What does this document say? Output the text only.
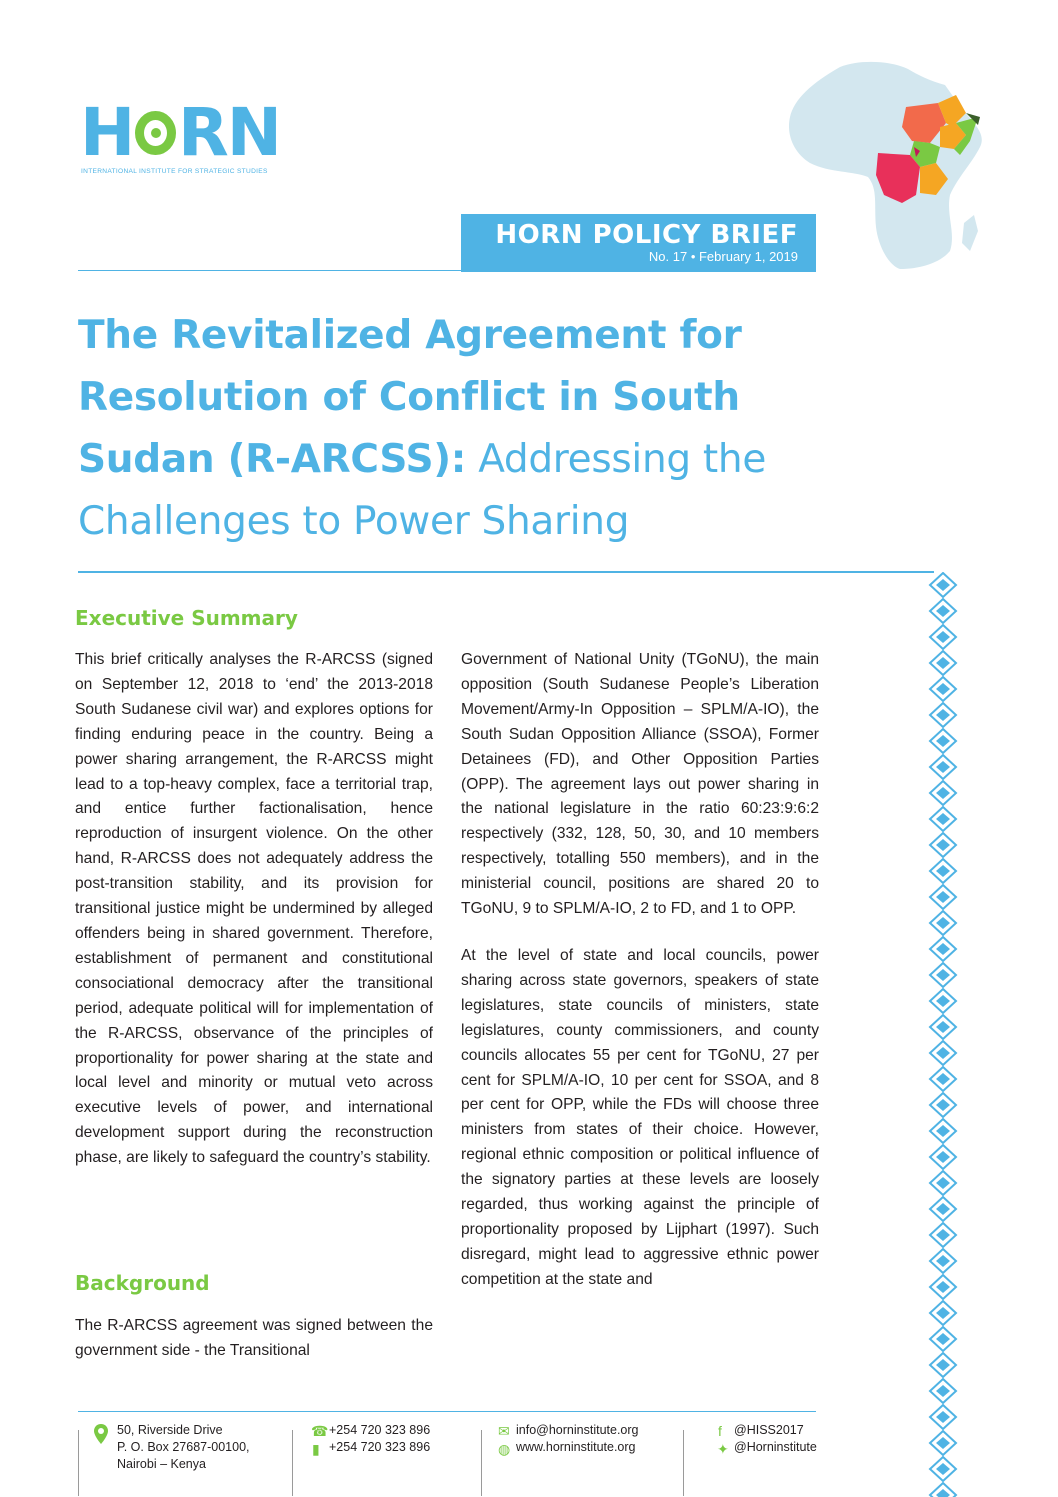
H RN
INTERNATIONAL INSTITUTE FOR STRATEGIC STUDIES
HORN POLICY BRIEF
No. 17 • February 1, 2019
The Revitalized Agreement for
Resolution of Conflict in South
Sudan (R-ARCSS): Addressing the
Challenges to Power Sharing
Executive Summary
Background

This brief critically analyses the R-ARCSS (signed on September 12, 2018 to ‘end’ the 2013-2018 South Sudanese civil war) and explores options for finding enduring peace in the country. Being a power sharing arrangement, the R-ARCSS might lead to a top-heavy complex, face a territorial trap, and entice further factionalisation, hence reproduction of insurgent violence. On the other hand, R-ARCSS does not adequately address the post-transition stability, and its provision for transitional justice might be undermined by alleged offenders being in shared government. Therefore, establishment of permanent and constitutional consociational democracy after the transitional period, adequate political will for implementation of the R-ARCSS, observance of the principles of proportionality for power sharing at the state and local level and minority or mutual veto across executive levels of power, and international development support during the reconstruction phase, are likely to safeguard the country’s stability.

The R-ARCSS agreement was signed between the government side - the Transitional

Government of National Unity (TGoNU), the main opposition (South Sudanese People’s Liberation Movement/Army-In Opposition – SPLM/A-IO), the South Sudan Opposition Alliance (SSOA), Former Detainees (FD), and Other Opposition Parties (OPP). The agreement lays out power sharing in the national legislature in the ratio 60:23:9:6:2 respectively (332, 128, 50, 30, and 10 members respectively, totalling 550 members), and in the ministerial council, positions are shared 20 to TGoNU, 9 to SPLM/A-IO, 2 to FD, and 1 to OPP.

At the level of state and local councils, power sharing across state governors, speakers of state legislatures, state councils of ministers, state legislatures, county commissioners, and county councils allocates 55 per cent for TGoNU, 27 per cent for SPLM/A-IO, 10 per cent for SSOA, and 8 per cent for OPP, while the FDs will choose three ministers from states of their choice. However, regional ethnic composition or political influence of the signatory parties at these levels are loosely regarded, thus working against the principle of proportionality proposed by Lijphart (1997). Such disregard, might lead to aggressive ethnic power competition at the state and

50, Riverside Drive
P. O. Box 27687-00100,
Nairobi – Kenya
☎
▮
+254 720 323 896
+254 720 323 896
✉
◍
info@horninstitute.org
www.horninstitute.org
f
✦
@HISS2017
@Horninstitute
